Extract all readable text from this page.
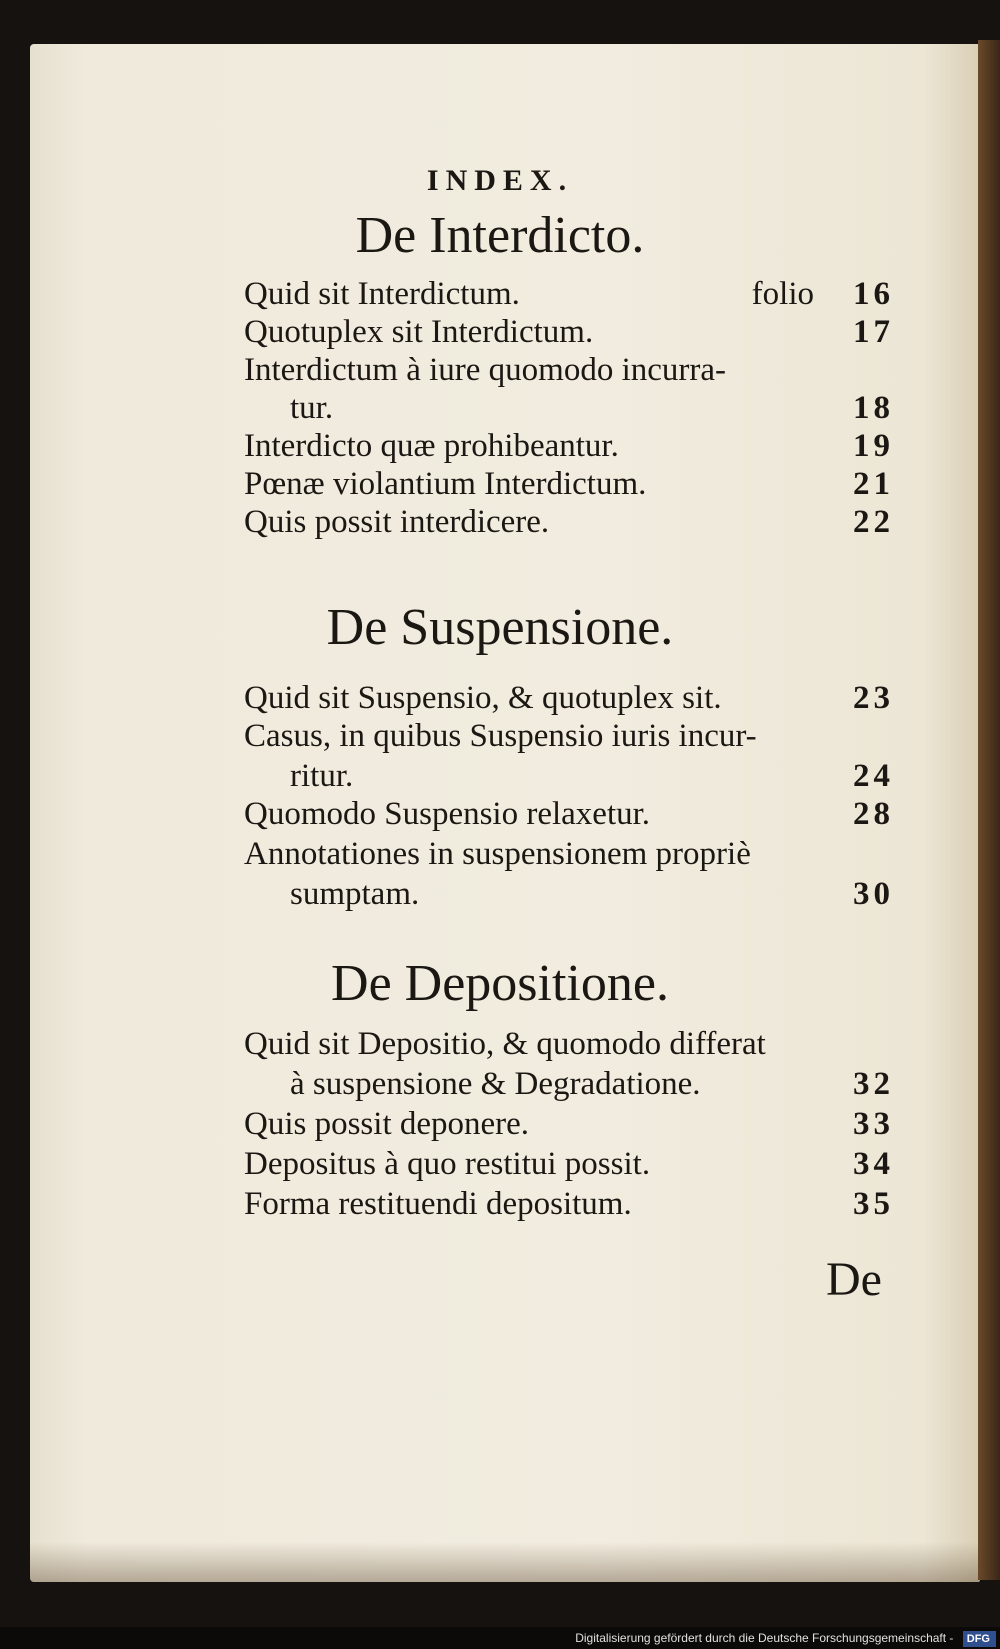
INDEX.
De Interdicto.
Quid sit Interdictum.	folio 16
Quotuplex sit Interdictum.	17
Interdictum à iure quomodo incurra-
tur.	18
Interdicto quæ prohibeantur.	19
Pœnæ violantium Interdictum.	21
Quis possit interdicere.	22
De Suspensione.
Quid sit Suspensio, & quotuplex sit.	23
Casus, in quibus Suspensio iuris incur-
ritur.	24
Quomodo Suspensio relaxetur.	28
Annotationes in suspensionem propriè
sumptam.	30
De Depositione.
Quid sit Depositio, & quomodo differat
à suspensione & Degradatione.	32
Quis possit deponere.	33
Depositus à quo restitui possit.	34
Forma restituendi depositum.	35
De
Digitalisierung gefördert durch die Deutsche Forschungsgemeinschaft - DFG
